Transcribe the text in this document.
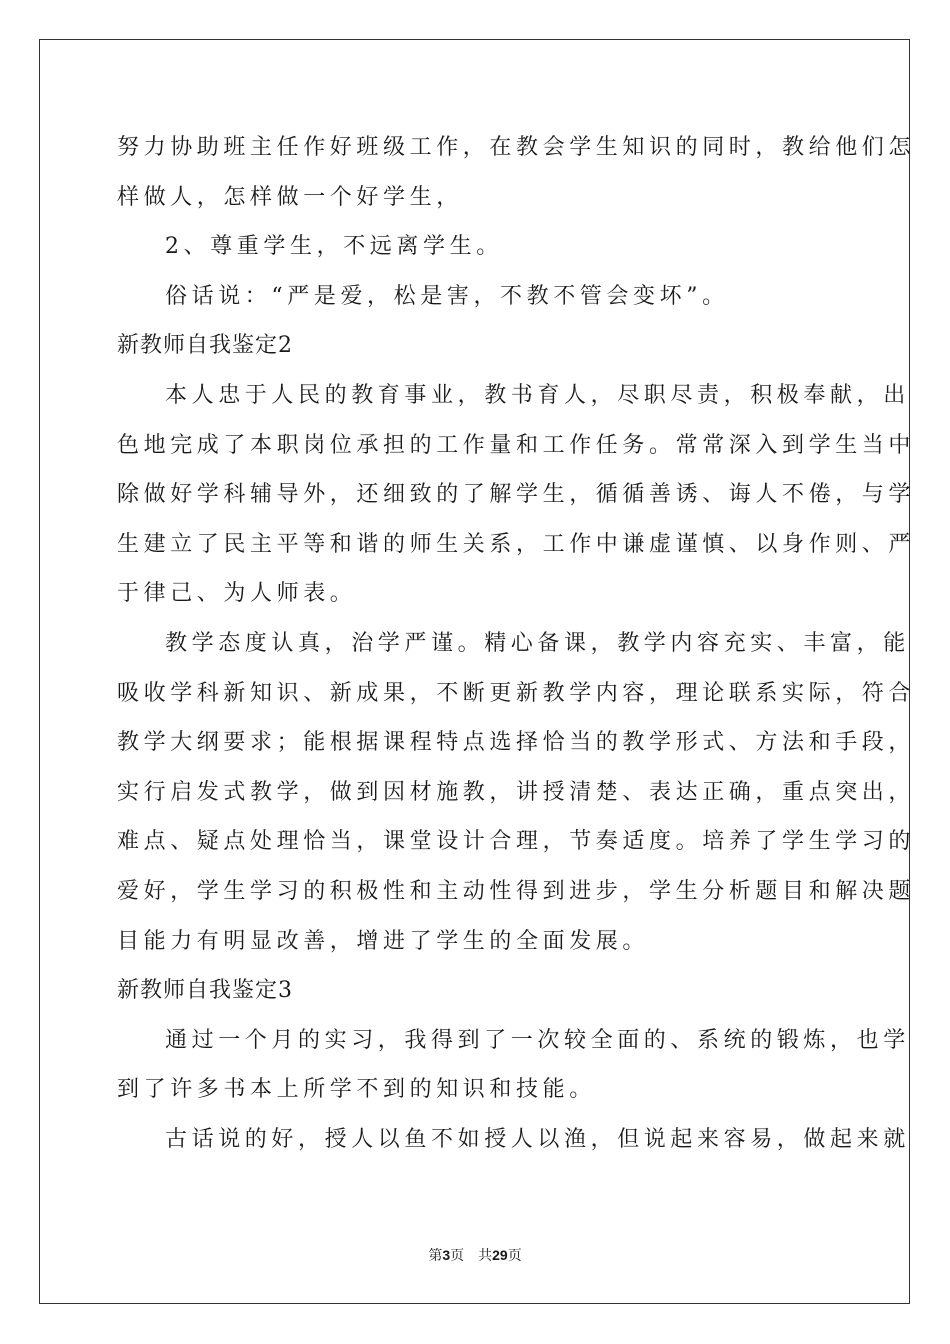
努力协助班主任作好班级工作，在教会学生知识的同时，教给他们怎
样做人，怎样做一个好学生，
2、尊重学生，不远离学生。
俗话说：“严是爱，松是害，不教不管会变坏”。
新教师自我鉴定2
本人忠于人民的教育事业，教书育人，尽职尽责，积极奉献，出
色地完成了本职岗位承担的工作量和工作任务。常常深入到学生当中
除做好学科辅导外，还细致的了解学生，循循善诱、诲人不倦，与学
生建立了民主平等和谐的师生关系，工作中谦虚谨慎、以身作则、严
于律己、为人师表。
教学态度认真，治学严谨。精心备课，教学内容充实、丰富，能
吸收学科新知识、新成果，不断更新教学内容，理论联系实际，符合
教学大纲要求；能根据课程特点选择恰当的教学形式、方法和手段，
实行启发式教学，做到因材施教，讲授清楚、表达正确，重点突出，
难点、疑点处理恰当，课堂设计合理，节奏适度。培养了学生学习的
爱好，学生学习的积极性和主动性得到进步，学生分析题目和解决题
目能力有明显改善，增进了学生的全面发展。
新教师自我鉴定3
通过一个月的实习，我得到了一次较全面的、系统的锻炼，也学
到了许多书本上所学不到的知识和技能。
古话说的好，授人以鱼不如授人以渔，但说起来容易，做起来就
第3页 共29页
